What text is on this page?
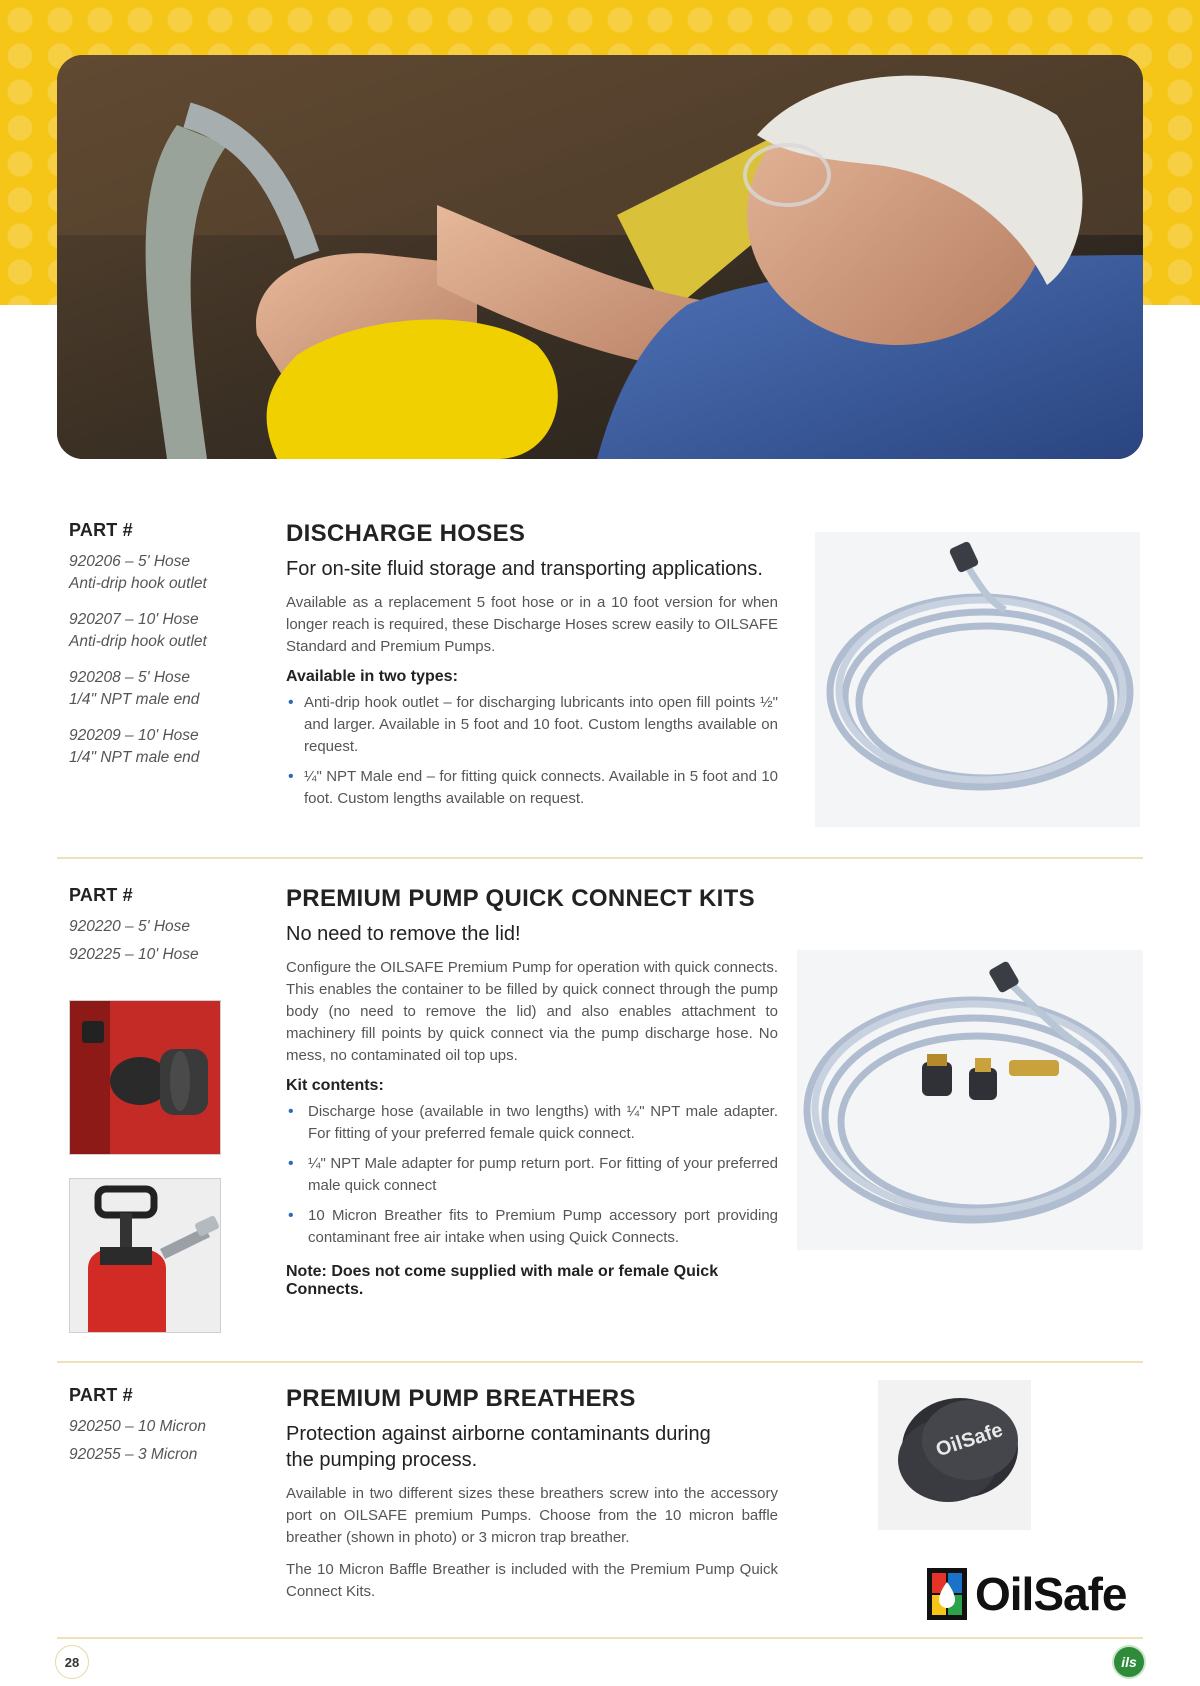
PART #
920206 – 5' Hose
Anti-drip hook outlet
920207 – 10' Hose
Anti-drip hook outlet
920208 – 5' Hose
1/4" NPT male end
920209 – 10' Hose
1/4" NPT male end
DISCHARGE HOSES
For on-site fluid storage and transporting applications.
Available as a replacement 5 foot hose or in a 10 foot version for when longer reach is required, these Discharge Hoses screw easily to OILSAFE Standard and Premium Pumps.
Available in two types:
• Anti-drip hook outlet – for discharging lubricants into open fill points ½" and larger. Available in 5 foot and 10 foot. Custom lengths available on request.
• ¼" NPT Male end – for fitting quick connects. Available in 5 foot and 10 foot. Custom lengths available on request.
PART #
920220 – 5' Hose
920225 – 10' Hose
PREMIUM PUMP QUICK CONNECT KITS
No need to remove the lid!
Configure the OILSAFE Premium Pump for operation with quick connects. This enables the container to be filled by quick connect through the pump body (no need to remove the lid) and also enables attachment to machinery fill points by quick connect via the pump discharge hose. No mess, no contaminated oil top ups.
Kit contents:
• Discharge hose (available in two lengths) with ¼" NPT male adapter. For fitting of your preferred female quick connect.
• ¼" NPT Male adapter for pump return port. For fitting of your preferred male quick connect
• 10 Micron Breather fits to Premium Pump accessory port providing contaminant free air intake when using Quick Connects.
Note: Does not come supplied with male or female Quick Connects.
PART #
920250 – 10 Micron
920255 – 3 Micron
PREMIUM PUMP BREATHERS
Protection against airborne contaminants during the pumping process.
Available in two different sizes these breathers screw into the accessory port on OILSAFE premium Pumps. Choose from the 10 micron baffle breather (shown in photo) or 3 micron trap breather.
The 10 Micron Baffle Breather is included with the Premium Pump Quick Connect Kits.
OilSafe
OilSafe
28	ils
